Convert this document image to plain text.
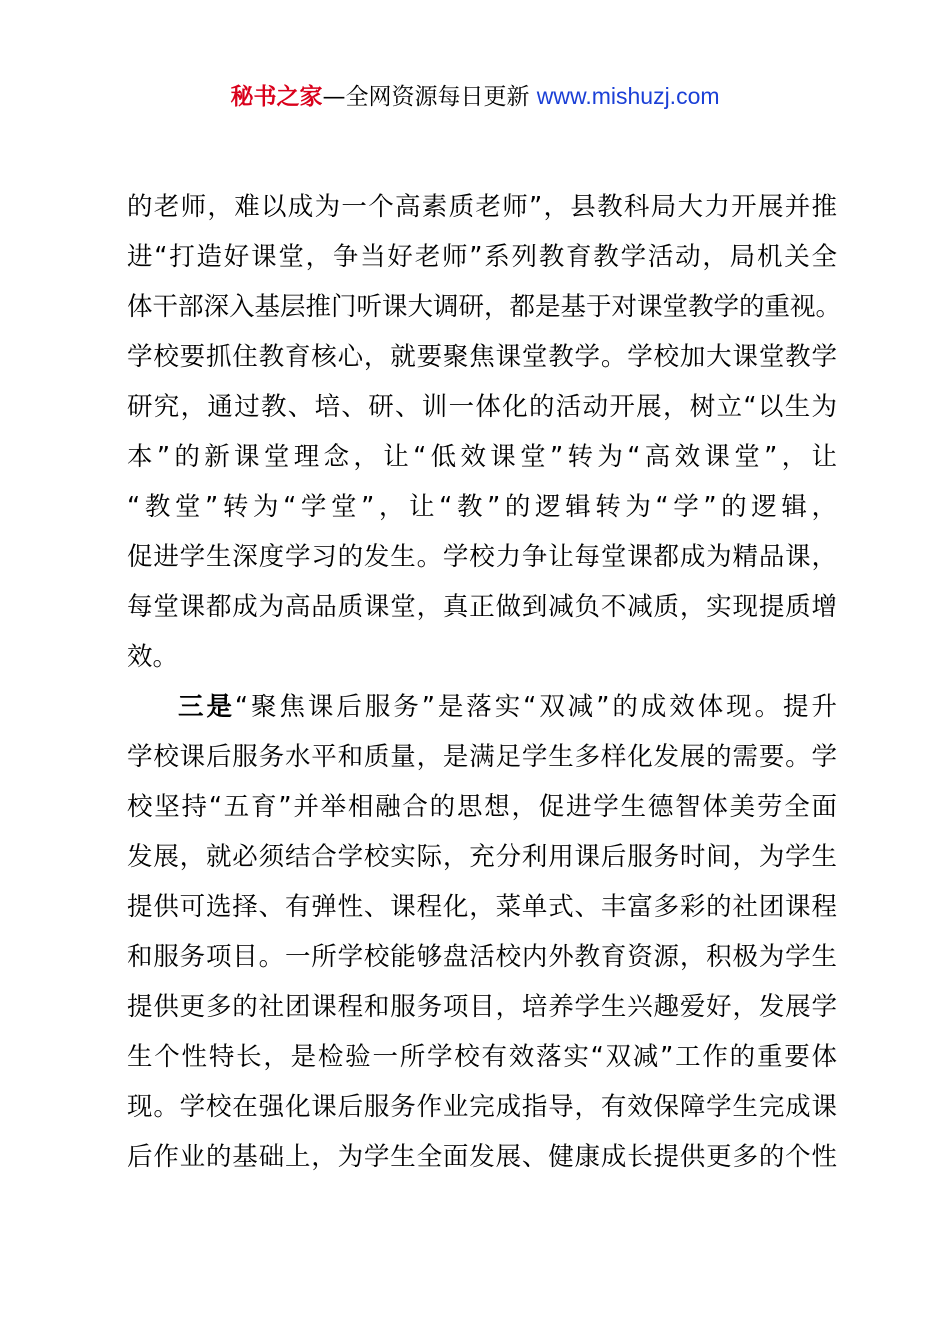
秘书之家—全网资源每日更新 www.mishuzj.com
的老师，难以成为一个高素质老师”，县教科局大力开展并推
进“打造好课堂，争当好老师”系列教育教学活动，局机关全
体干部深入基层推门听课大调研，都是基于对课堂教学的重视。
学校要抓住教育核心，就要聚焦课堂教学。学校加大课堂教学
研究，通过教、培、研、训一体化的活动开展，树立“以生为
本”的新课堂理念，让“低效课堂”转为“高效课堂”，让
“教堂”转为“学堂”，让“教”的逻辑转为“学”的逻辑，
促进学生深度学习的发生。学校力争让每堂课都成为精品课，
每堂课都成为高品质课堂，真正做到减负不减质，实现提质增
效。
三是“聚焦课后服务”是落实“双减”的成效体现。提升
学校课后服务水平和质量，是满足学生多样化发展的需要。学
校坚持“五育”并举相融合的思想，促进学生德智体美劳全面
发展，就必须结合学校实际，充分利用课后服务时间，为学生
提供可选择、有弹性、课程化，菜单式、丰富多彩的社团课程
和服务项目。一所学校能够盘活校内外教育资源，积极为学生
提供更多的社团课程和服务项目，培养学生兴趣爱好，发展学
生个性特长，是检验一所学校有效落实“双减”工作的重要体
现。学校在强化课后服务作业完成指导，有效保障学生完成课
后作业的基础上，为学生全面发展、健康成长提供更多的个性
